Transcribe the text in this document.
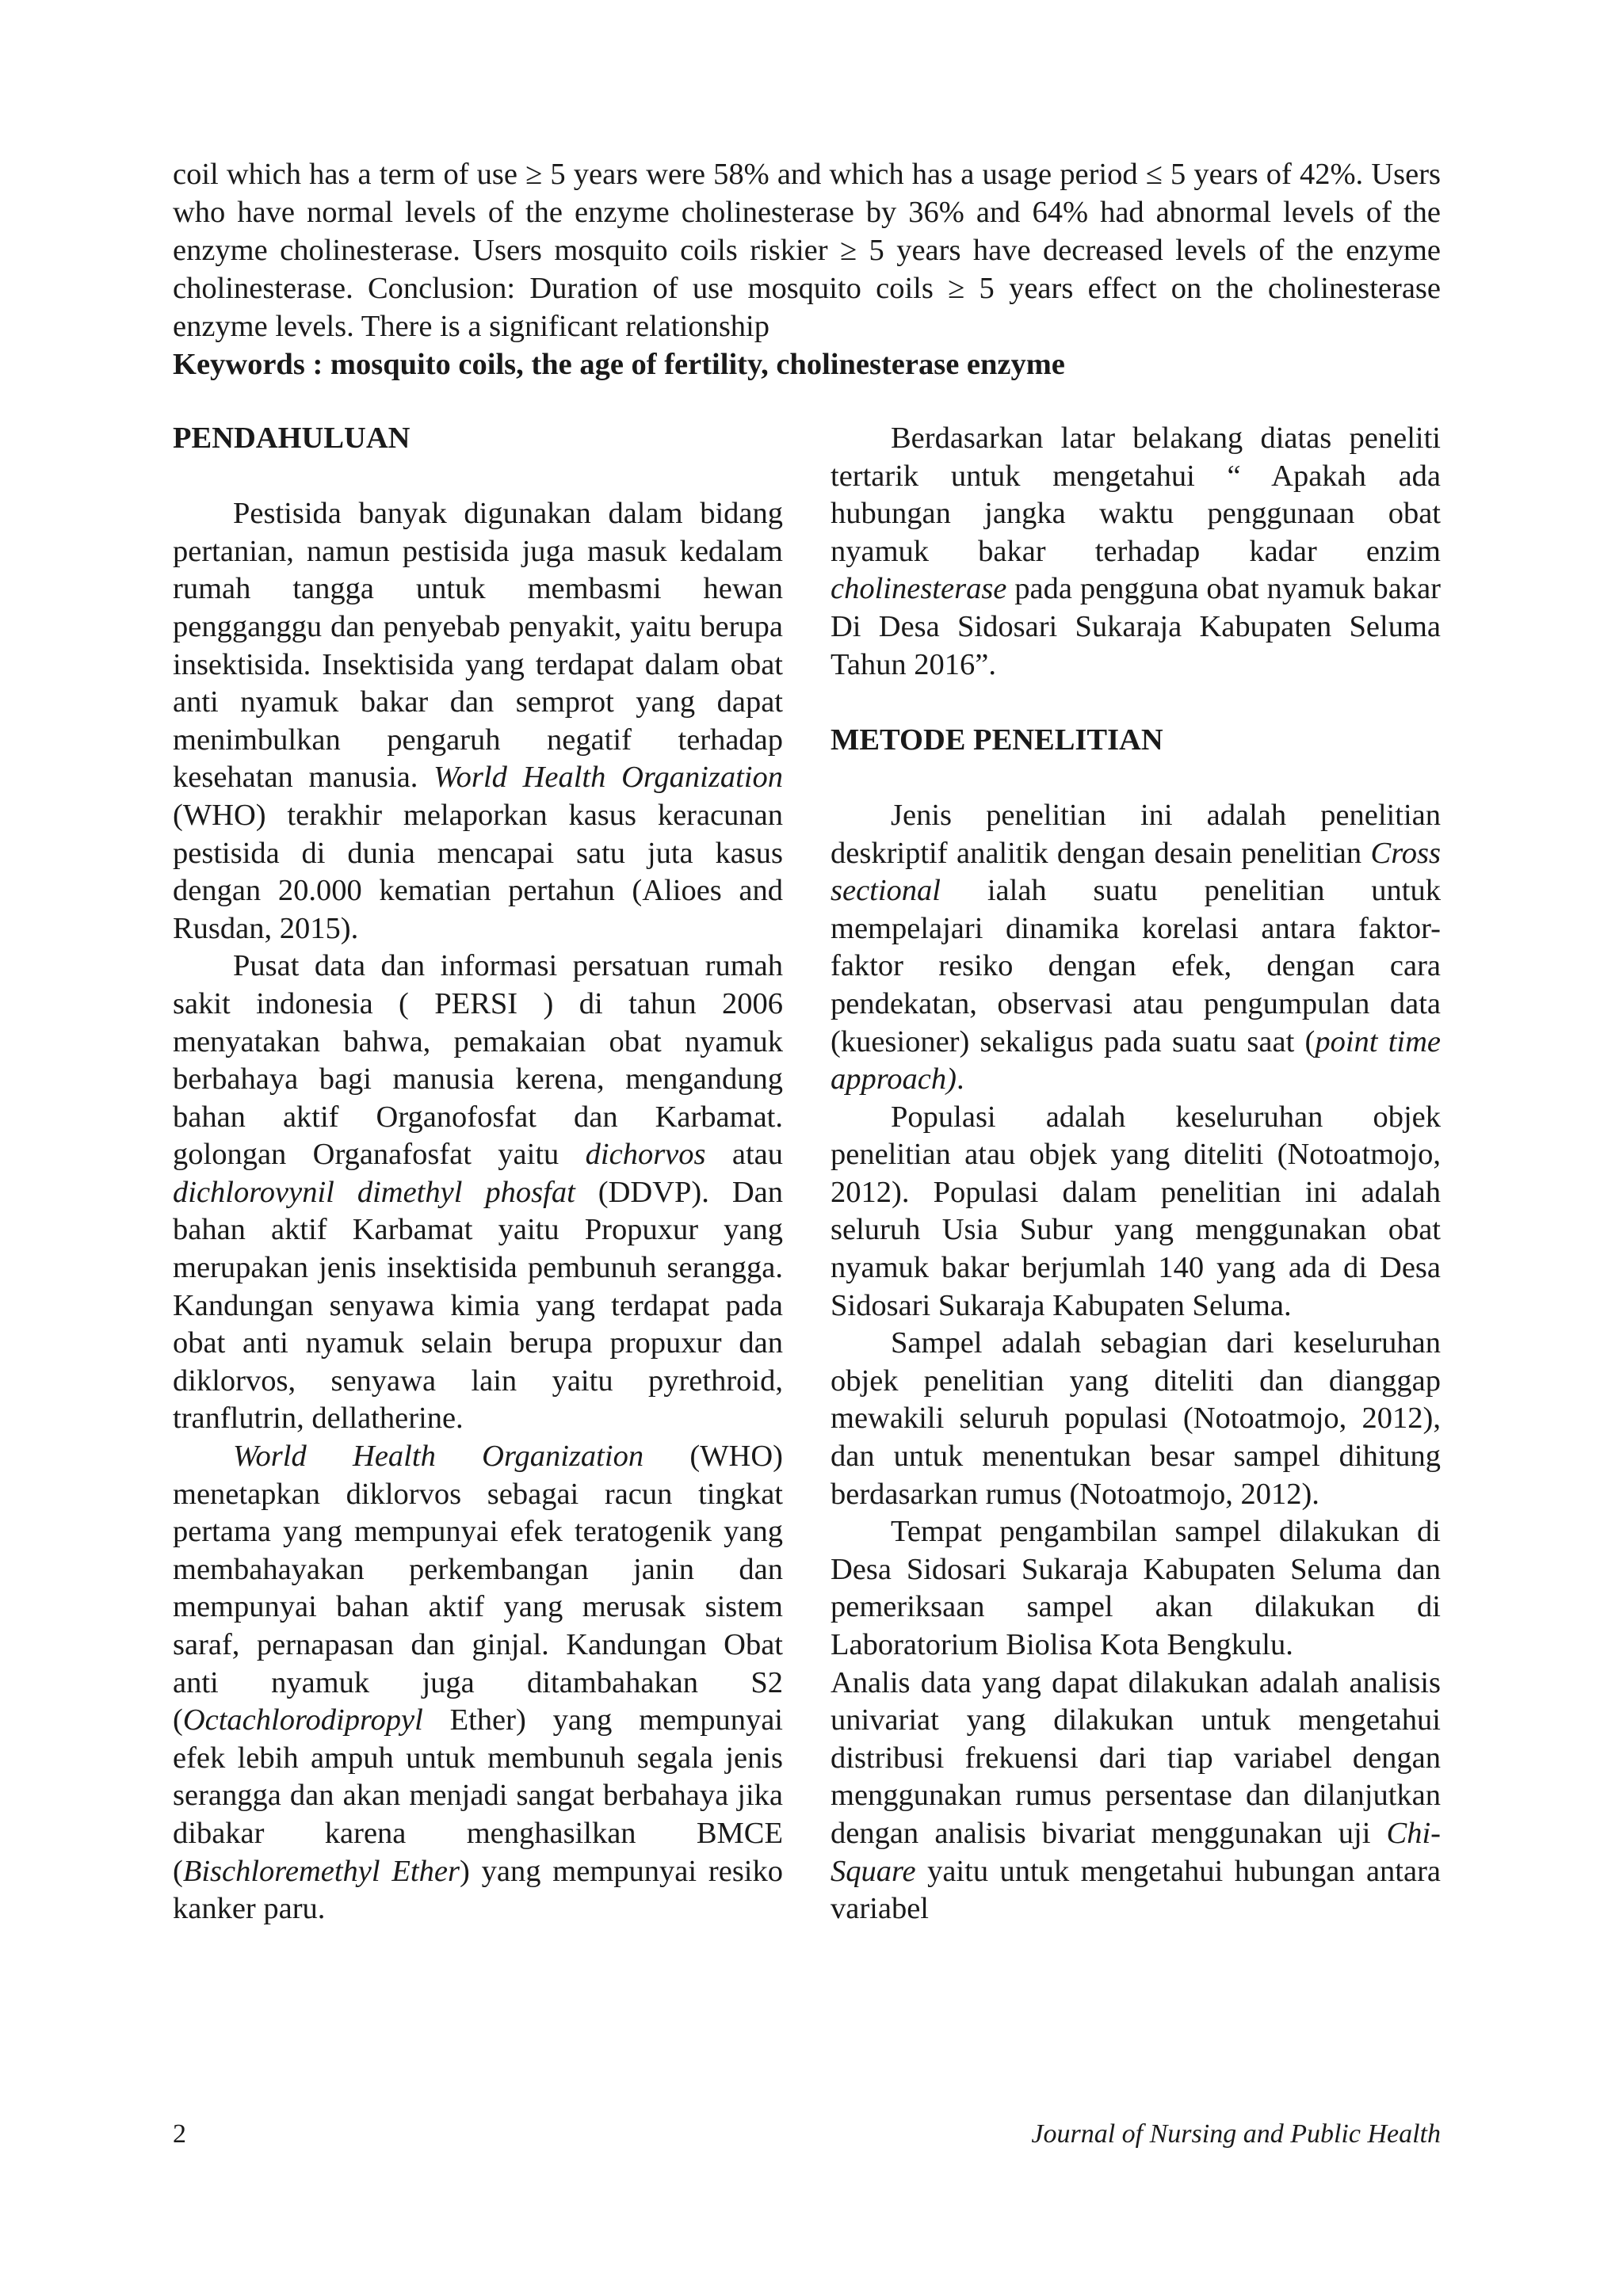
coil which has a term of use ≥ 5 years were 58% and which has a usage period ≤ 5 years of 42%. Users who have normal levels of the enzyme cholinesterase by 36% and 64% had abnormal levels of the enzyme cholinesterase. Users mosquito coils riskier ≥ 5 years have decreased levels of the enzyme cholinesterase. Conclusion: Duration of use mosquito coils ≥ 5 years effect on the cholinesterase enzyme levels. There is a significant relationship

Keywords : mosquito coils, the age of fertility, cholinesterase enzyme
PENDAHULUAN

Pestisida banyak digunakan dalam bidang pertanian, namun pestisida juga masuk kedalam rumah tangga untuk membasmi hewan pengganggu dan penyebab penyakit, yaitu berupa insektisida. Insektisida yang terdapat dalam obat anti nyamuk bakar dan semprot yang dapat menimbulkan pengaruh negatif terhadap kesehatan manusia. World Health Organization (WHO) terakhir melaporkan kasus keracunan pestisida di dunia mencapai satu juta kasus dengan 20.000 kematian pertahun (Alioes and Rusdan, 2015).

Pusat data dan informasi persatuan rumah sakit indonesia ( PERSI ) di tahun 2006 menyatakan bahwa, pemakaian obat nyamuk berbahaya bagi manusia kerena, mengandung bahan aktif Organofosfat dan Karbamat. golongan Organafosfat yaitu dichorvos atau dichlorovynil dimethyl phosfat (DDVP). Dan bahan aktif Karbamat yaitu Propuxur yang merupakan jenis insektisida pembunuh serangga. Kandungan senyawa kimia yang terdapat pada obat anti nyamuk selain berupa propuxur dan diklorvos, senyawa lain yaitu pyrethroid, tranflutrin, dellatherine.

World Health Organization (WHO) menetapkan diklorvos sebagai racun tingkat pertama yang mempunyai efek teratogenik yang membahayakan perkembangan janin dan mempunyai bahan aktif yang merusak sistem saraf, pernapasan dan ginjal. Kandungan Obat anti nyamuk juga ditambahakan S2 (Octachlorodipropyl Ether) yang mempunyai efek lebih ampuh untuk membunuh segala jenis serangga dan akan menjadi sangat berbahaya jika dibakar karena menghasilkan BMCE (Bischloremethyl Ether) yang mempunyai resiko kanker paru.

Berdasarkan latar belakang diatas peneliti tertarik untuk mengetahui “ Apakah ada hubungan jangka waktu penggunaan obat nyamuk bakar terhadap kadar enzim cholinesterase pada pengguna obat nyamuk bakar Di Desa Sidosari Sukaraja Kabupaten Seluma Tahun 2016”.

METODE PENELITIAN

Jenis penelitian ini adalah penelitian deskriptif analitik dengan desain penelitian Cross sectional ialah suatu penelitian untuk mempelajari dinamika korelasi antara faktor-faktor resiko dengan efek, dengan cara pendekatan, observasi atau pengumpulan data (kuesioner) sekaligus pada suatu saat (point time approach).

Populasi adalah keseluruhan objek penelitian atau objek yang diteliti (Notoatmojo, 2012). Populasi dalam penelitian ini adalah seluruh Usia Subur yang menggunakan obat nyamuk bakar berjumlah 140 yang ada di Desa Sidosari Sukaraja Kabupaten Seluma.

Sampel adalah sebagian dari keseluruhan objek penelitian yang diteliti dan dianggap mewakili seluruh populasi (Notoatmojo, 2012), dan untuk menentukan besar sampel dihitung berdasarkan rumus (Notoatmojo, 2012).

Tempat pengambilan sampel dilakukan di Desa Sidosari Sukaraja Kabupaten Seluma dan pemeriksaan sampel akan dilakukan di Laboratorium Biolisa Kota Bengkulu.

Analis data yang dapat dilakukan adalah analisis univariat yang dilakukan untuk mengetahui distribusi frekuensi dari tiap variabel dengan menggunakan rumus persentase dan dilanjutkan dengan analisis bivariat menggunakan uji Chi-Square yaitu untuk mengetahui hubungan antara variabel

2	Journal of Nursing and Public Health
